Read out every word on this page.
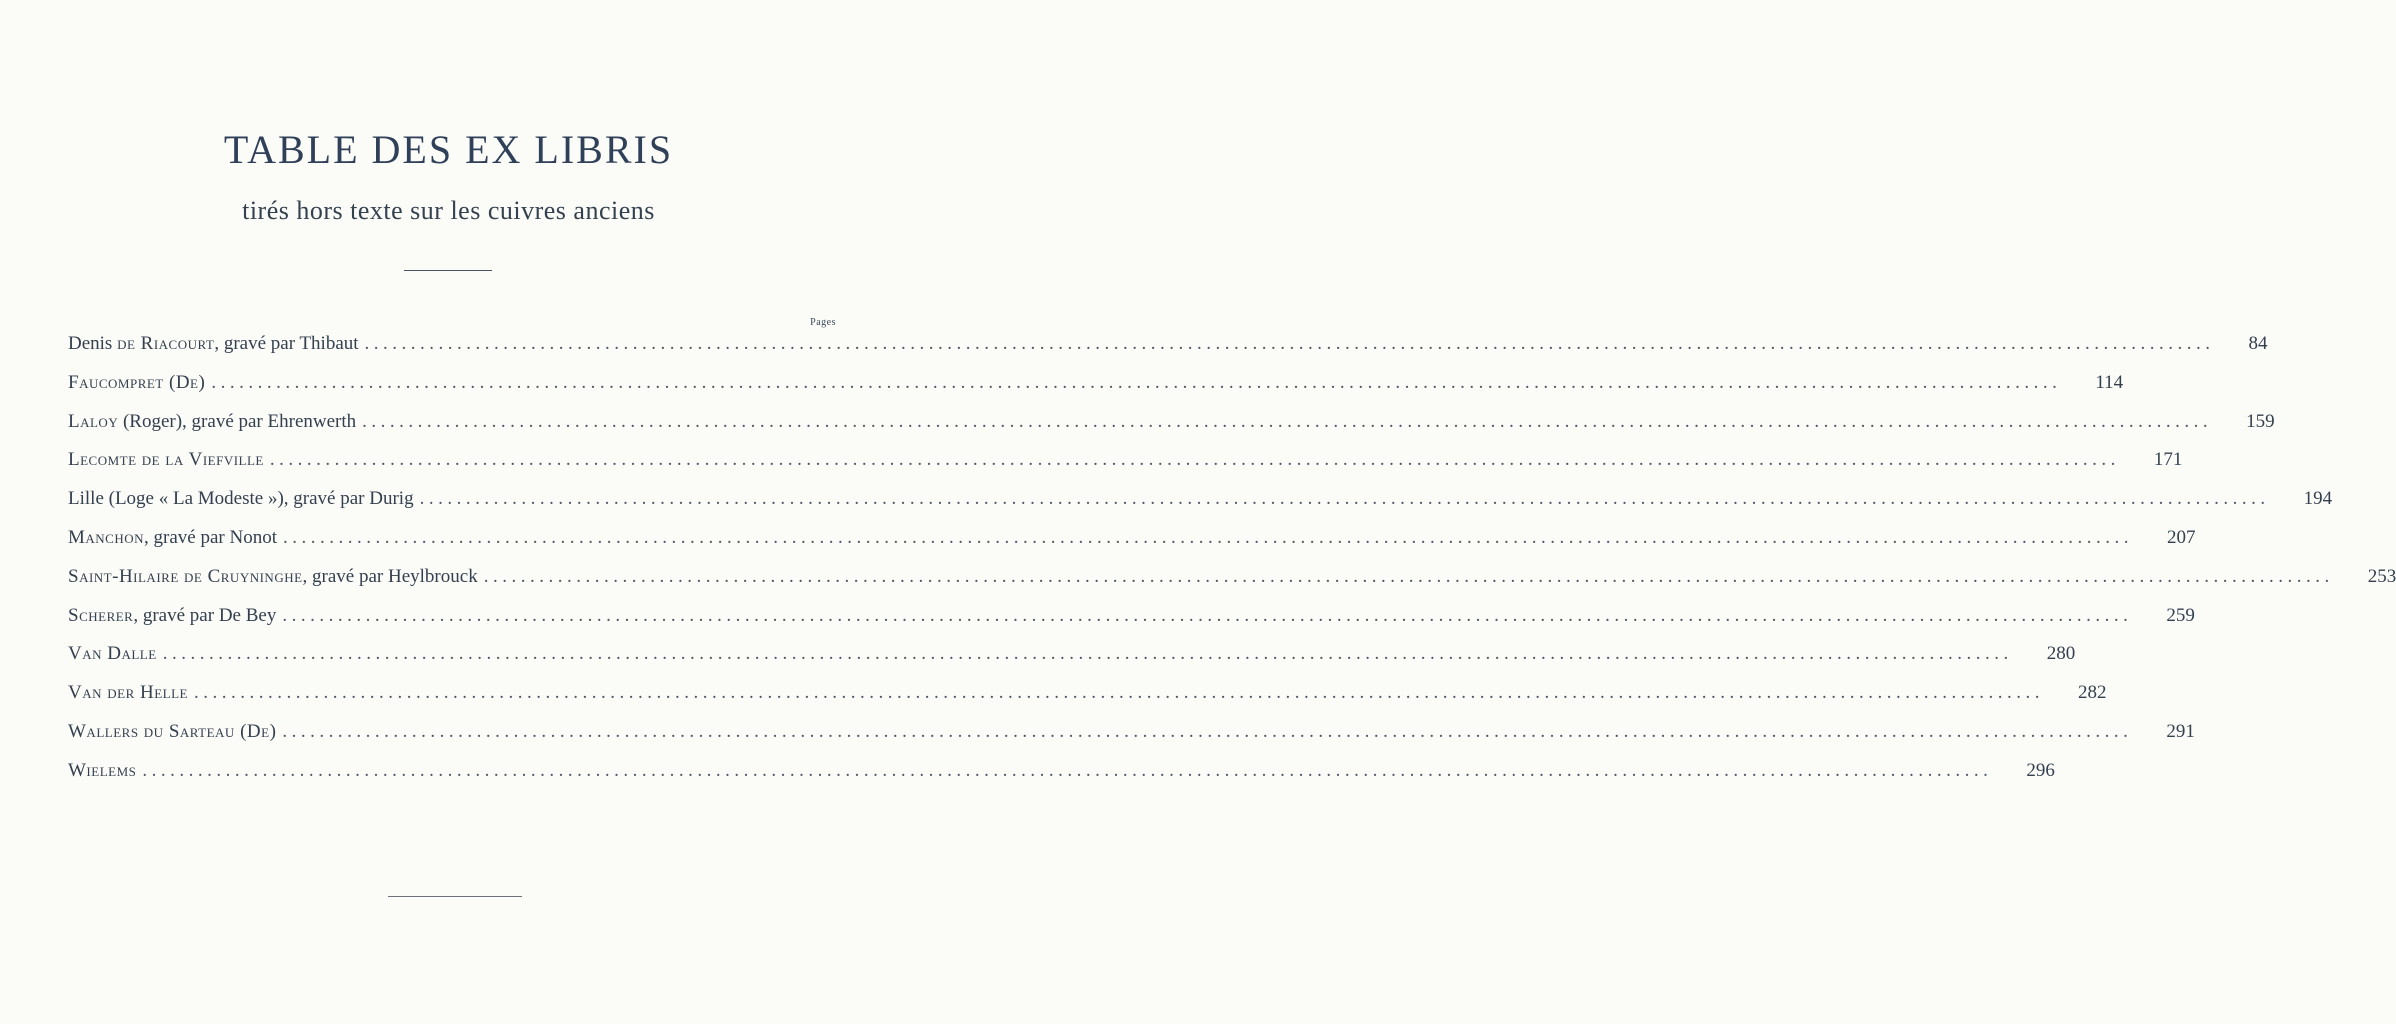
TABLE DES EX LIBRIS
tirés hors texte sur les cuivres anciens
Pages
Denis de Riacourt, gravé par Thibaut ........................................................................................................................................................................................................ 84
Faucompret (De) ........................................................................................................................................................................................................ 114
Laloy (Roger), gravé par Ehrenwerth ........................................................................................................................................................................................................ 159
Lecomte de la Viefville ........................................................................................................................................................................................................ 171
Lille (Loge « La Modeste »), gravé par Durig ........................................................................................................................................................................................................ 194
Manchon, gravé par Nonot ........................................................................................................................................................................................................ 207
Saint-Hilaire de Cruyninghe, gravé par Heylbrouck ........................................................................................................................................................................................................ 253
Scherer, gravé par De Bey ........................................................................................................................................................................................................ 259
Van Dalle ........................................................................................................................................................................................................ 280
Van der Helle ........................................................................................................................................................................................................ 282
Wallers du Sarteau (De) ........................................................................................................................................................................................................ 291
Wielems ........................................................................................................................................................................................................ 296
